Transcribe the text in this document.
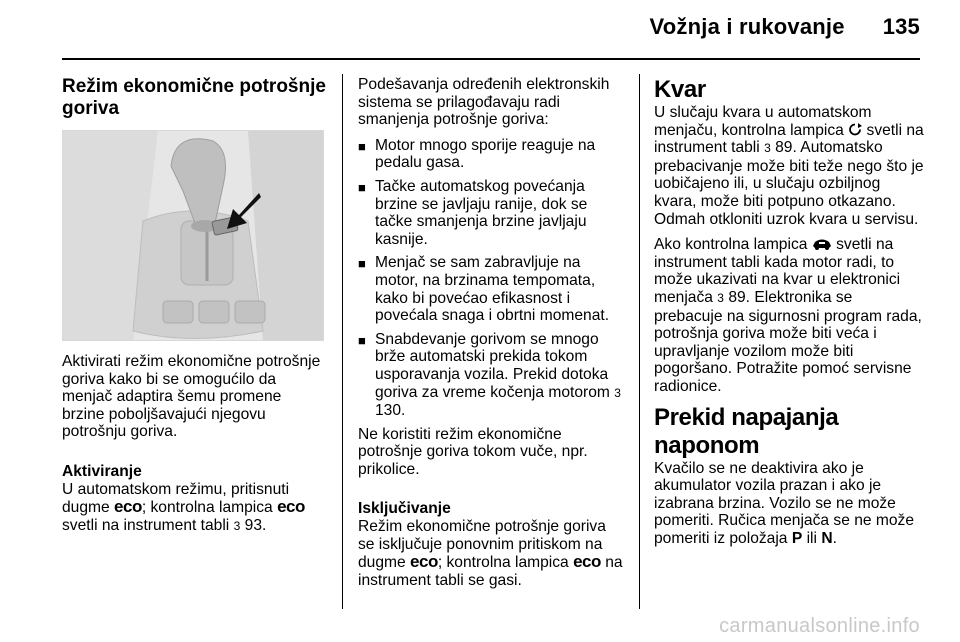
Vožnja i rukovanje 135
Režim ekonomične potrošnje goriva

Aktivirati režim ekonomične potrošnje goriva kako bi se omogućilo da menjač adaptira šemu promene brzine poboljšavajući njegovu potrošnju goriva.

Aktiviranje

U automatskom režimu, pritisnuti dugme eco; kontrolna lampica eco svetli na instrument tabli 3 93.

Podešavanja određenih elektronskih sistema se prilagođavaju radi smanjenja potrošnje goriva:

■ Motor mnogo sporije reaguje na pedalu gasa.
■ Tačke automatskog povećanja brzine se javljaju ranije, dok se tačke smanjenja brzine javljaju kasnije.
■ Menjač se sam zabravljuje na motor, na brzinama tempomata, kako bi povećao efikasnost i povećala snaga i obrtni momenat.
■ Snabdevanje gorivom se mnogo brže automatski prekida tokom usporavanja vozila. Prekid dotoka goriva za vreme kočenja motorom 3 130.

Ne koristiti režim ekonomične potrošnje goriva tokom vuče, npr. prikolice.

Isključivanje

Režim ekonomične potrošnje goriva se isključuje ponovnim pritiskom na dugme eco; kontrolna lampica eco na instrument tabli se gasi.

Kvar

U slučaju kvara u automatskom menjaču, kontrolna lampica svetli na instrument tabli 3 89. Automatsko prebacivanje može biti teže nego što je uobičajeno ili, u slučaju ozbiljnog kvara, može biti potpuno otkazano. Odmah otkloniti uzrok kvara u servisu.

Ako kontrolna lampica svetli na instrument tabli kada motor radi, to može ukazivati na kvar u elektronici menjača 3 89. Elektronika se prebacuje na sigurnosni program rada, potrošnja goriva može biti veća i upravljanje vozilom može biti pogoršano. Potražite pomoć servisne radionice.

Prekid napajanja naponom

Kvačilo se ne deaktivira ako je akumulator vozila prazan i ako je izabrana brzina. Vozilo se ne može pomeriti. Ručica menjača se ne može pomeriti iz položaja P ili N.

carmanualsonline.info
